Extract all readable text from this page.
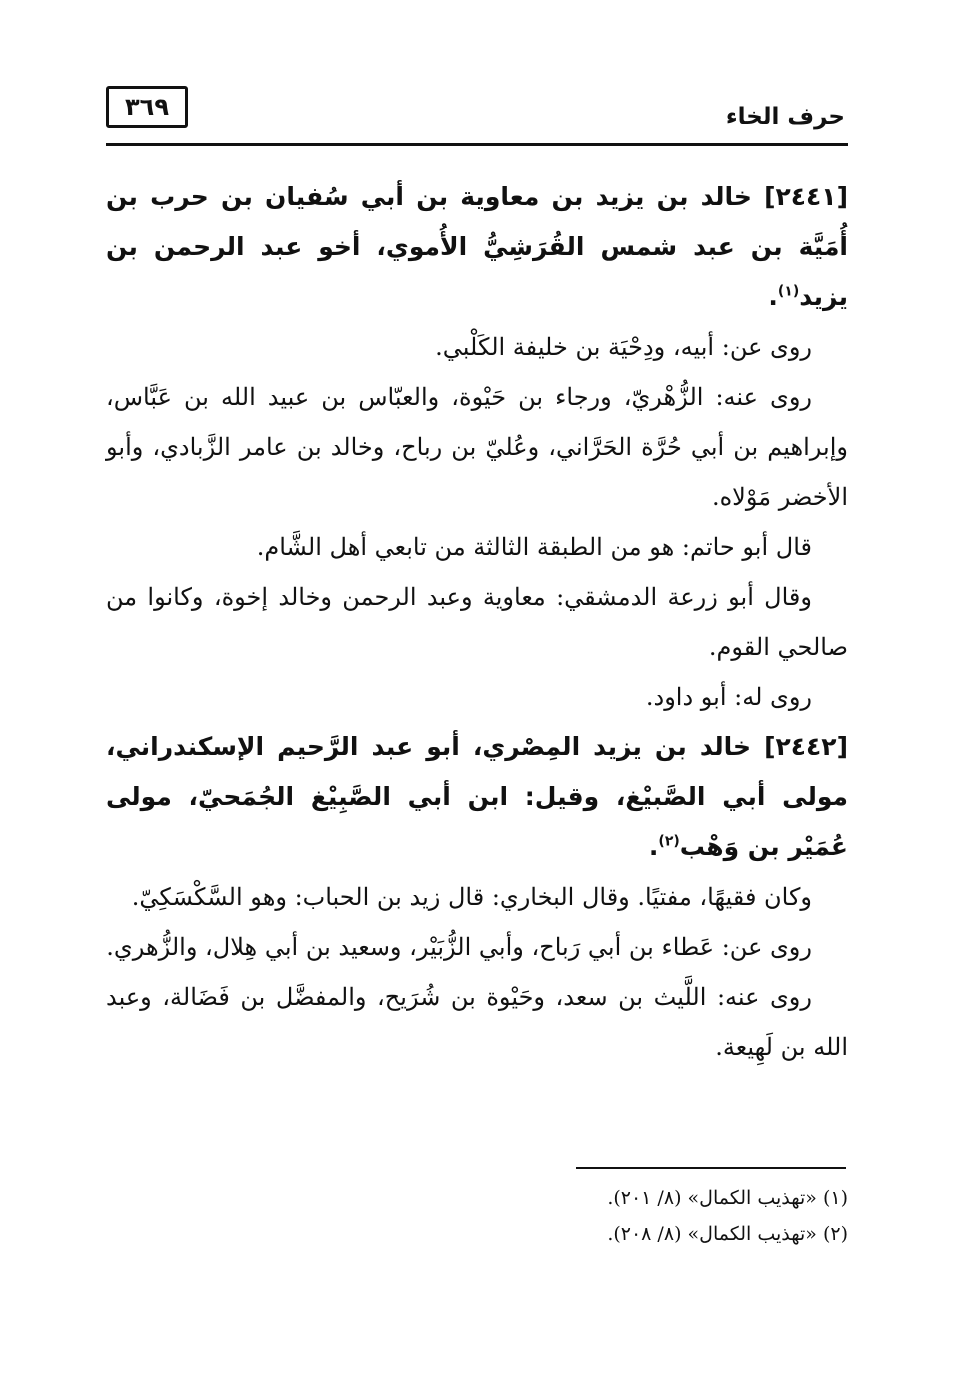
حرف الخاء
٣٦٩

[٢٤٤١] خالد بن يزيد بن معاوية بن أبي سُفيان بن حرب بن أُمَيَّة بن عبد شمس القُرَشِيُّ الأُموي، أخو عبد الرحمن بن يزيد$^{(١)}$.

روى عن: أبيه، ودِحْيَة بن خليفة الكَلْبي.

روى عنه: الزُّهْريّ، ورجاء بن حَيْوة، والعبّاس بن عبيد الله بن عَبَّاس، وإبراهيم بن أبي حُرَّة الحَرَّاني، وعُليّ بن رباح، وخالد بن عامر الزَّبادي، وأبو الأخضر مَوْلاه.

قال أبو حاتم: هو من الطبقة الثالثة من تابعي أهل الشَّام.

وقال أبو زرعة الدمشقي: معاوية وعبد الرحمن وخالد إخوة، وكانوا من صالحي القوم.

روى له: أبو داود.

[٢٤٤٢] خالد بن يزيد المِصْري، أبو عبد الرَّحيم الإسكندراني، مولى أبي الصَّبيْغ، وقيل: ابن أبي الصَّبِيْغ الجُمَحيّ، مولى عُمَيْر بن وَهْب$^{(٢)}$.

وكان فقيهًا، مفتيًا. وقال البخاري: قال زيد بن الحباب: وهو السَّكْسَكِيّ.

روى عن: عَطاء بن أبي رَباح، وأبي الزُّبَيْر، وسعيد بن أبي هِلال، والزُّهري.

روى عنه: اللَّيث بن سعد، وحَيْوة بن شُرَيح، والمفضَّل بن فَضَالة، وعبد الله بن لَهِيعة.

(١) «تهذيب الكمال» (٨/ ٢٠١).

(٢) «تهذيب الكمال» (٨/ ٢٠٨).
